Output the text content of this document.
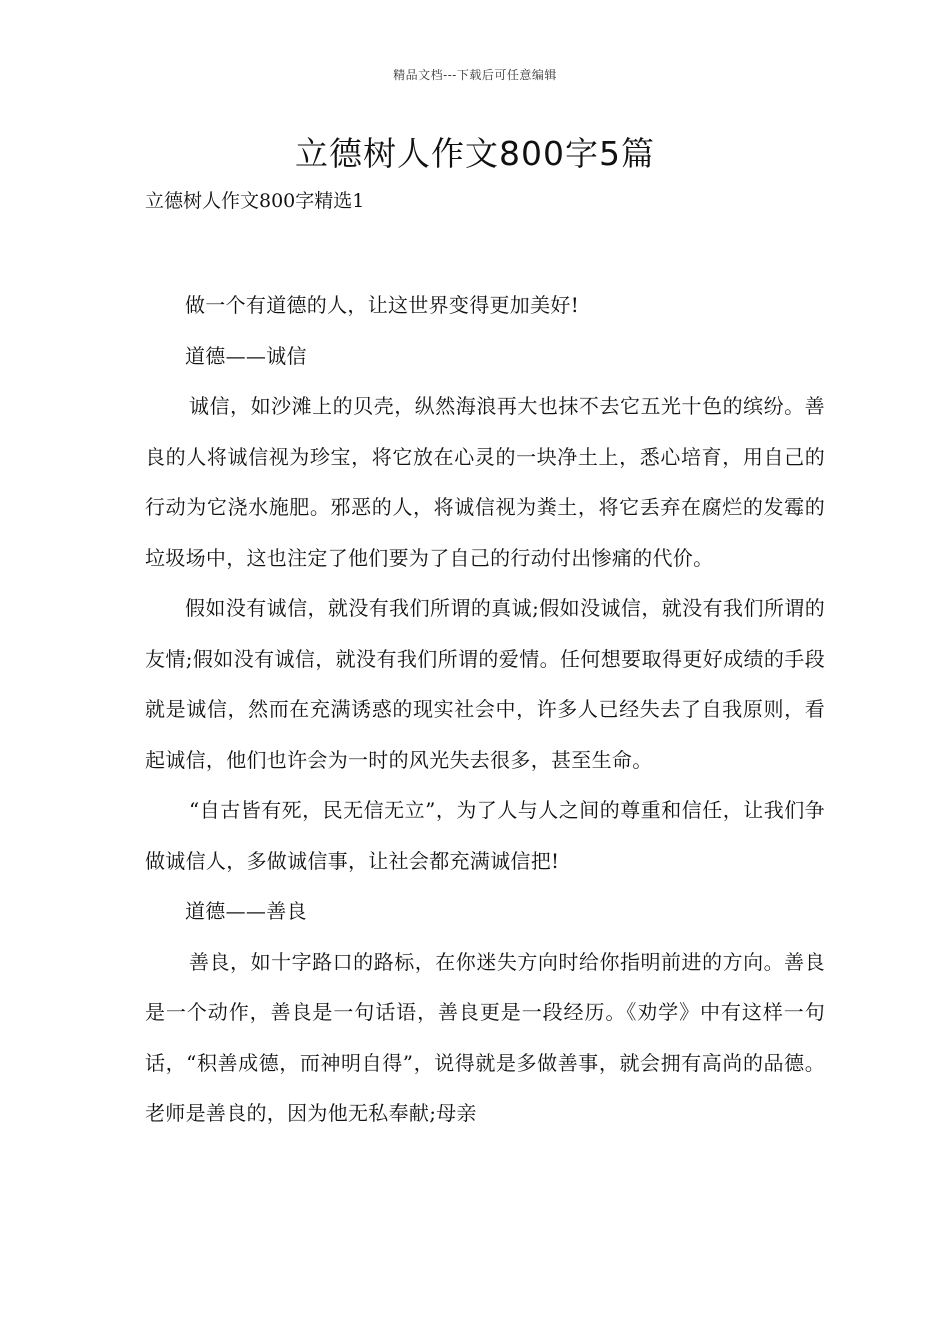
精品文档---下载后可任意编辑
立德树人作文800字5篇
立德树人作文800字精选1

做一个有道德的人，让这世界变得更加美好!

道德——诚信

诚信，如沙滩上的贝壳，纵然海浪再大也抹不去它五光十色的缤纷。善良的人将诚信视为珍宝，将它放在心灵的一块净土上，悉心培育，用自己的行动为它浇水施肥。邪恶的人，将诚信视为粪土，将它丢弃在腐烂的发霉的垃圾场中，这也注定了他们要为了自己的行动付出惨痛的代价。

假如没有诚信，就没有我们所谓的真诚;假如没诚信，就没有我们所谓的友情;假如没有诚信，就没有我们所谓的爱情。任何想要取得更好成绩的手段就是诚信，然而在充满诱惑的现实社会中，许多人已经失去了自我原则，看起诚信，他们也许会为一时的风光失去很多，甚至生命。

“自古皆有死，民无信无立”，为了人与人之间的尊重和信任，让我们争做诚信人，多做诚信事，让社会都充满诚信把!

道德——善良

善良，如十字路口的路标，在你迷失方向时给你指明前进的方向。善良是一个动作，善良是一句话语，善良更是一段经历。《劝学》中有这样一句话，“积善成德，而神明自得”，说得就是多做善事，就会拥有高尚的品德。老师是善良的，因为他无私奉献;母亲
